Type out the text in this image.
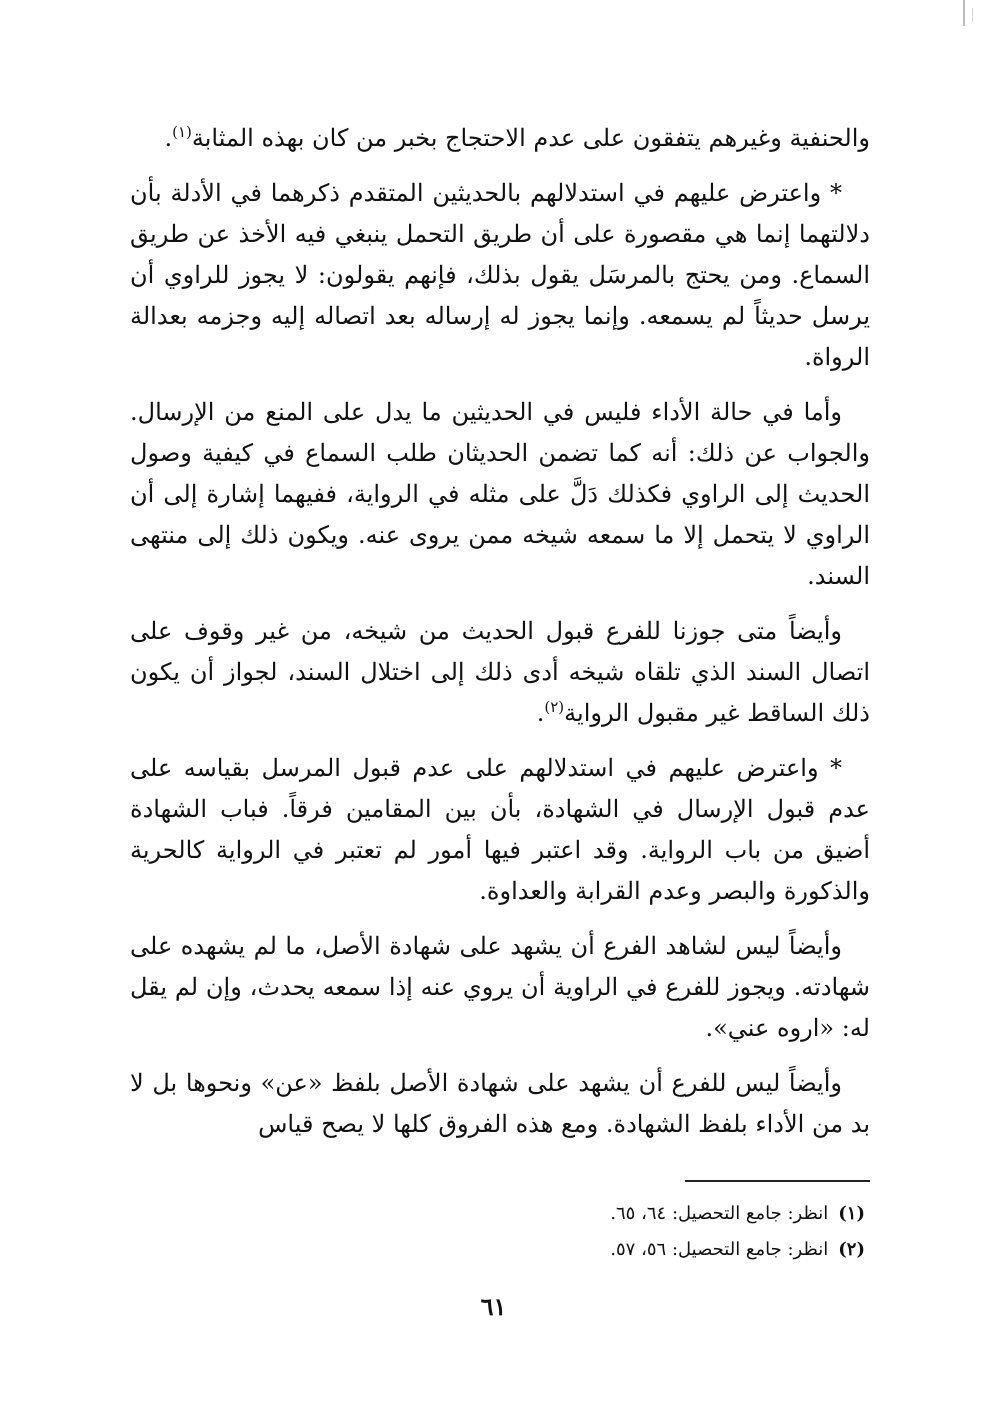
والحنفية وغيرهم يتفقون على عدم الاحتجاج بخبر من كان بهذه المثابة$^{(١)}$.

* واعترض عليهم في استدلالهم بالحديثين المتقدم ذكرهما في الأدلة بأن دلالتهما إنما هي مقصورة على أن طريق التحمل ينبغي فيه الأخذ عن طريق السماع. ومن يحتج بالمرسَل يقول بذلك، فإنهم يقولون: لا يجوز للراوي أن يرسل حديثاً لم يسمعه. وإنما يجوز له إرساله بعد اتصاله إليه وجزمه بعدالة الرواة.

وأما في حالة الأداء فليس في الحديثين ما يدل على المنع من الإرسال. والجواب عن ذلك: أنه كما تضمن الحديثان طلب السماع في كيفية وصول الحديث إلى الراوي فكذلك دَلَّ على مثله في الرواية، ففيهما إشارة إلى أن الراوي لا يتحمل إلا ما سمعه شيخه ممن يروى عنه. ويكون ذلك إلى منتهى السند.

وأيضاً متى جوزنا للفرع قبول الحديث من شيخه، من غير وقوف على اتصال السند الذي تلقاه شيخه أدى ذلك إلى اختلال السند، لجواز أن يكون ذلك الساقط غير مقبول الرواية$^{(٢)}$.

* واعترض عليهم في استدلالهم على عدم قبول المرسل بقياسه على عدم قبول الإرسال في الشهادة، بأن بين المقامين فرقاً. فباب الشهادة أضيق من باب الرواية. وقد اعتبر فيها أمور لم تعتبر في الرواية كالحرية والذكورة والبصر وعدم القرابة والعداوة.

وأيضاً ليس لشاهد الفرع أن يشهد على شهادة الأصل، ما لم يشهده على شهادته. ويجوز للفرع في الراوية أن يروي عنه إذا سمعه يحدث، وإن لم يقل له: «اروه عني».

وأيضاً ليس للفرع أن يشهد على شهادة الأصل بلفظ «عن» ونحوها بل لا بد من الأداء بلفظ الشهادة. ومع هذه الفروق كلها لا يصح قياس

(١)انظر: جامع التحصيل: ٦٤، ٦٥.
(٢)انظر: جامع التحصيل: ٥٦، ٥٧.
٦١
